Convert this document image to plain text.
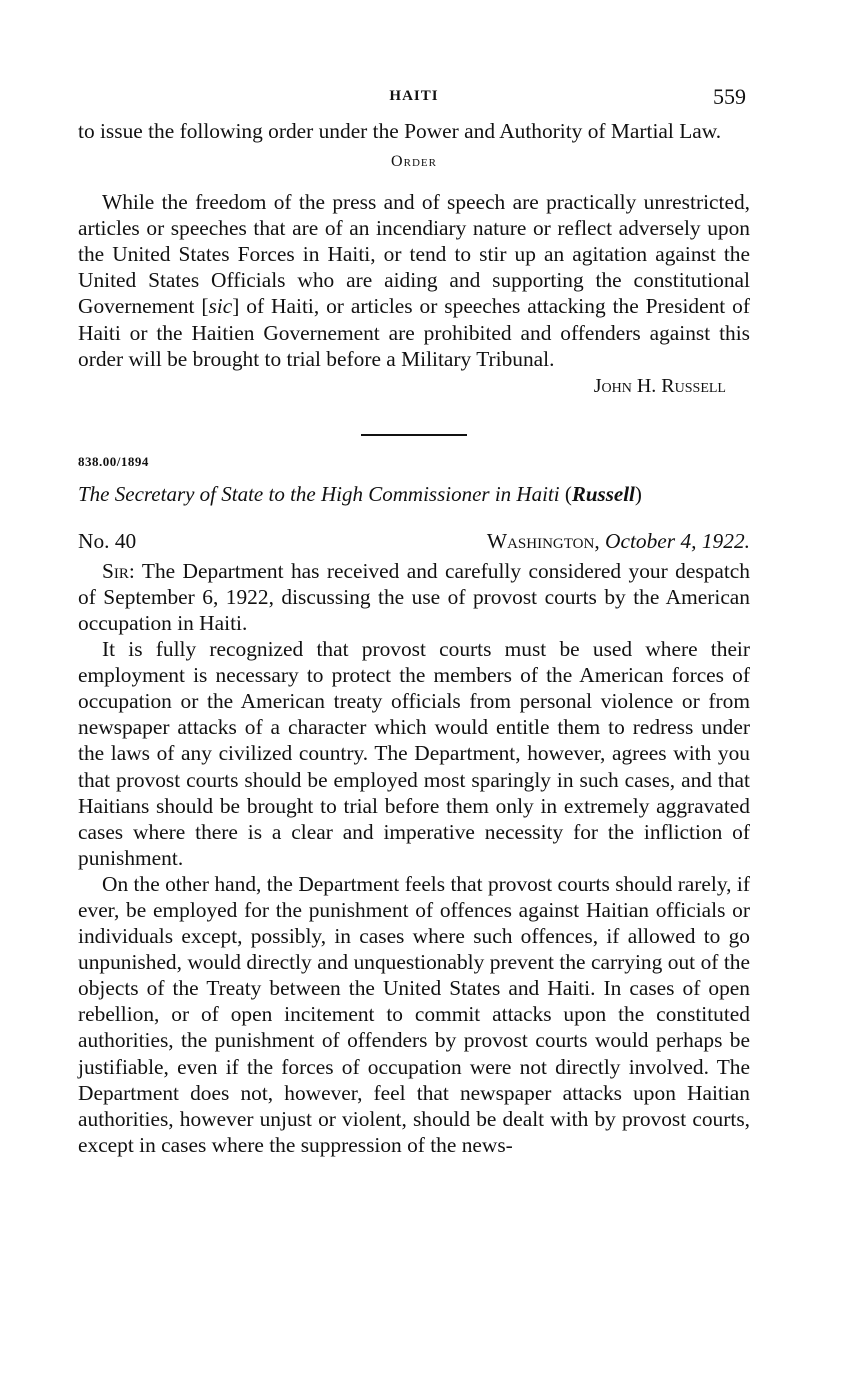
HAITI	559

to issue the following order under the Power and Authority of Martial Law.

Order

While the freedom of the press and of speech are practically unrestricted, articles or speeches that are of an incendiary nature or reflect adversely upon the United States Forces in Haiti, or tend to stir up an agitation against the United States Officials who are aiding and supporting the constitutional Governement [sic] of Haiti, or articles or speeches attacking the President of Haiti or the Haitien Governement are prohibited and offenders against this order will be brought to trial before a Military Tribunal.

John H. Russell
838.00/1894
The Secretary of State to the High Commissioner in Haiti (Russell)
No. 40	Washington, October 4, 1922.

Sir: The Department has received and carefully considered your despatch of September 6, 1922, discussing the use of provost courts by the American occupation in Haiti.

It is fully recognized that provost courts must be used where their employment is necessary to protect the members of the American forces of occupation or the American treaty officials from personal violence or from newspaper attacks of a character which would entitle them to redress under the laws of any civilized country. The Department, however, agrees with you that provost courts should be employed most sparingly in such cases, and that Haitians should be brought to trial before them only in extremely aggravated cases where there is a clear and imperative necessity for the infliction of punishment.

On the other hand, the Department feels that provost courts should rarely, if ever, be employed for the punishment of offences against Haitian officials or individuals except, possibly, in cases where such offences, if allowed to go unpunished, would directly and unquestionably prevent the carrying out of the objects of the Treaty between the United States and Haiti. In cases of open rebellion, or of open incitement to commit attacks upon the constituted authorities, the punishment of offenders by provost courts would perhaps be justifiable, even if the forces of occupation were not directly involved. The Department does not, however, feel that newspaper attacks upon Haitian authorities, however unjust or violent, should be dealt with by provost courts, except in cases where the suppression of the news-
